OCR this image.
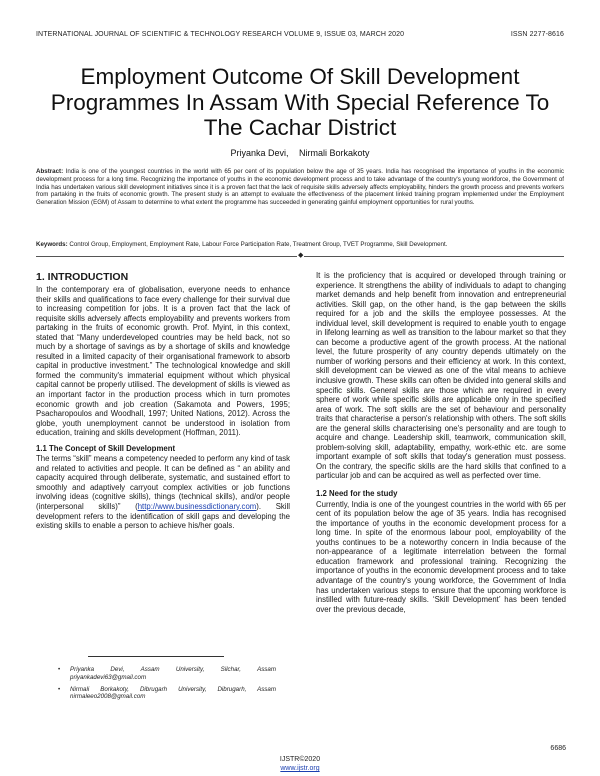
INTERNATIONAL JOURNAL OF SCIENTIFIC & TECHNOLOGY RESEARCH VOLUME 9, ISSUE 03, MARCH 2020	ISSN 2277-8616
Employment Outcome Of Skill Development Programmes In Assam With Special Reference To The Cachar District
Priyanka Devi, Nirmali Borkakoty
Abstract: India is one of the youngest countries in the world with 65 per cent of its population below the age of 35 years. India has recognised the importance of youths in the economic development process for a long time. Recognizing the importance of youths in the economic development process and to take advantage of the country's young workforce, the Government of India has undertaken various skill development initiatives since it is a proven fact that the lack of requisite skills adversely affects employability, hinders the growth process and prevents workers from partaking in the fruits of economic growth. The present study is an attempt to evaluate the effectiveness of the placement linked training program implemented under the Employment Generation Mission (EGM) of Assam to determine to what extent the programme has succeeded in generating gainful employment opportunities for rural youths.
Keywords: Control Group, Employment, Employment Rate, Labour Force Participation Rate, Treatment Group, TVET Programme, Skill Development.
◆
1. INTRODUCTION

In the contemporary era of globalisation, everyone needs to enhance their skills and qualifications to face every challenge for their survival due to increasing competition for jobs. It is a proven fact that the lack of requisite skills adversely affects employability and prevents workers from partaking in the fruits of economic growth. Prof. Myint, in this context, stated that “Many underdeveloped countries may be held back, not so much by a shortage of savings as by a shortage of skills and knowledge resulted in a limited capacity of their organisational framework to absorb capital in productive investment.” The technological knowledge and skill formed the community's immaterial equipment without which physical capital cannot be properly utilised. The development of skills is viewed as an important factor in the production process which in turn promotes economic growth and job creation (Sakamota and Powers, 1995; Psacharopoulos and Woodhall, 1997; United Nations, 2012). Across the globe, youth unemployment cannot be understood in isolation from education, training and skills development (Hoffman, 2011).

1.1 The Concept of Skill Development

The terms “skill” means a competency needed to perform any kind of task and related to activities and people. It can be defined as “ an ability and capacity acquired through deliberate, systematic, and sustained effort to smoothly and adaptively carryout complex activities or job functions involving ideas (cognitive skills), things (technical skills), and/or people (interpersonal skills)” (http://www.businessdictionary.com). Skill development refers to the identification of skill gaps and developing the existing skills to enable a person to achieve his/her goals.

It is the proficiency that is acquired or developed through training or experience. It strengthens the ability of individuals to adapt to changing market demands and help benefit from innovation and entrepreneurial activities. Skill gap, on the other hand, is the gap between the skills required for a job and the skills the employee possesses. At the individual level, skill development is required to enable youth to engage in lifelong learning as well as transition to the labour market so that they can become a productive agent of the growth process. At the national level, the future prosperity of any country depends ultimately on the number of working persons and their efficiency at work. In this context, skill development can be viewed as one of the vital means to achieve inclusive growth. These skills can often be divided into general skills and specific skills. General skills are those which are required in every sphere of work while specific skills are applicable only in the specified area of work. The soft skills are the set of behaviour and personality traits that characterise a person's relationship with others. The soft skills are the general skills characterising one's personality and are tough to acquire and change. Leadership skill, teamwork, communication skill, problem-solving skill, adaptability, empathy, work-ethic etc. are some important example of soft skills that today's generation must possess. On the contrary, the specific skills are the hard skills that confined to a particular job and can be acquired as well as perfected over time.

1.2 Need for the study

Currently, India is one of the youngest countries in the world with 65 per cent of its population below the age of 35 years. India has recognised the importance of youths in the economic development process for a long time. In spite of the enormous labour pool, employability of the youths continues to be a noteworthy concern in India because of the non-appearance of a legitimate interrelation between the formal education framework and professional training. Recognizing the importance of youths in the economic development process and to take advantage of the country's young workforce, the Government of India has undertaken various steps to ensure that the upcoming workforce is instilled with future-ready skills. ‘Skill Development’ has been tended over the previous decade,

• Priyanka Devi, Assam University, Silchar, Assam priyankadevi63@gmail.com
• Nirmali Borkakoty, Dibrugarh University, Dibrugarh, Assam nirmaleeo2008@gmail.com
6686
IJSTR©2020
www.ijstr.org
